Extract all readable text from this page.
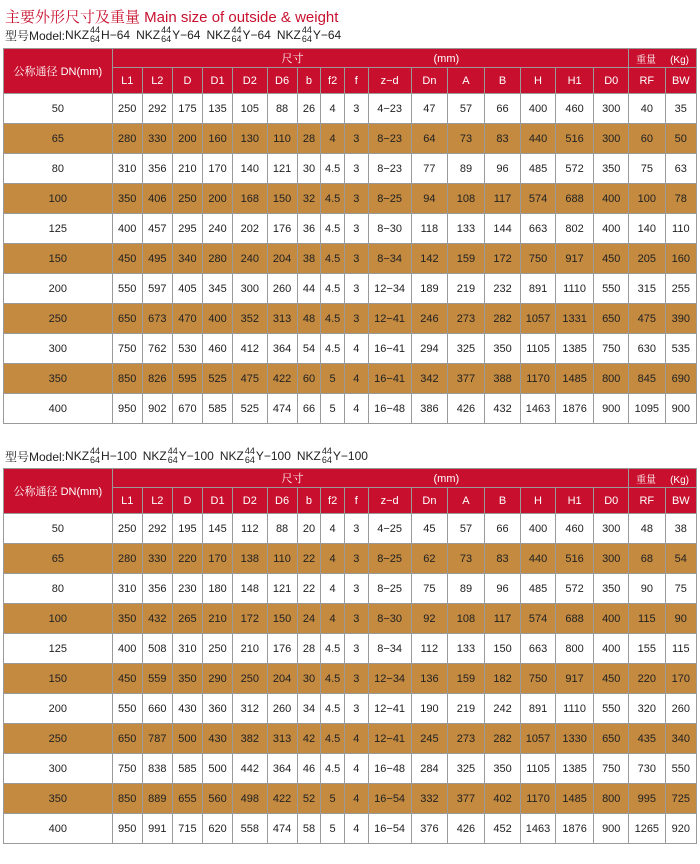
主要外形尺寸及重量 Main size of outside & weight
型号Model: NKZ 44
64 H−64 NKZ 44
64 Y−64 NKZ 44
64 Y−64 NKZ 44
64 Y−64
公称通径 DN(mm)	尺寸 (mm)																重量 (Kg)	
	L1	L2	D	D1	D2	D6	b	f2	f	z−d	Dn	A	B	H	H1	D0	RF	BW
50	250	292	175	135	105	88	26	4	3	4−23	47	57	66	400	460	300	40	35
65	280	330	200	160	130	110	28	4	3	8−23	64	73	83	440	516	300	60	50
80	310	356	210	170	140	121	30	4.5	3	8−23	77	89	96	485	572	350	75	63
100	350	406	250	200	168	150	32	4.5	3	8−25	94	108	117	574	688	400	100	78
125	400	457	295	240	202	176	36	4.5	3	8−30	118	133	144	663	802	400	140	110
150	450	495	340	280	240	204	38	4.5	3	8−34	142	159	172	750	917	450	205	160
200	550	597	405	345	300	260	44	4.5	3	12−34	189	219	232	891	1110	550	315	255
250	650	673	470	400	352	313	48	4.5	3	12−41	246	273	282	1057	1331	650	475	390
300	750	762	530	460	412	364	54	4.5	4	16−41	294	325	350	1105	1385	750	630	535
350	850	826	595	525	475	422	60	5	4	16−41	342	377	388	1170	1485	800	845	690
400	950	902	670	585	525	474	66	5	4	16−48	386	426	432	1463	1876	900	1095	900
型号Model: NKZ 44
64 H−100 NKZ 44
64 Y−100 NKZ 44
64 Y−100 NKZ 44
64 Y−100
公称通径 DN(mm)	尺寸 (mm)																重量 (Kg)	
	L1	L2	D	D1	D2	D6	b	f2	f	z−d	Dn	A	B	H	H1	D0	RF	BW
50	250	292	195	145	112	88	20	4	3	4−25	45	57	66	400	460	300	48	38
65	280	330	220	170	138	110	22	4	3	8−25	62	73	83	440	516	300	68	54
80	310	356	230	180	148	121	22	4	3	8−25	75	89	96	485	572	350	90	75
100	350	432	265	210	172	150	24	4	3	8−30	92	108	117	574	688	400	115	90
125	400	508	310	250	210	176	28	4.5	3	8−34	112	133	150	663	800	400	155	115
150	450	559	350	290	250	204	30	4.5	3	12−34	136	159	182	750	917	450	220	170
200	550	660	430	360	312	260	34	4.5	3	12−41	190	219	242	891	1110	550	320	260
250	650	787	500	430	382	313	42	4.5	4	12−41	245	273	282	1057	1330	650	435	340
300	750	838	585	500	442	364	46	4.5	4	16−48	284	325	350	1105	1385	750	730	550
350	850	889	655	560	498	422	52	5	4	16−54	332	377	402	1170	1485	800	995	725
400	950	991	715	620	558	474	58	5	4	16−54	376	426	452	1463	1876	900	1265	920
